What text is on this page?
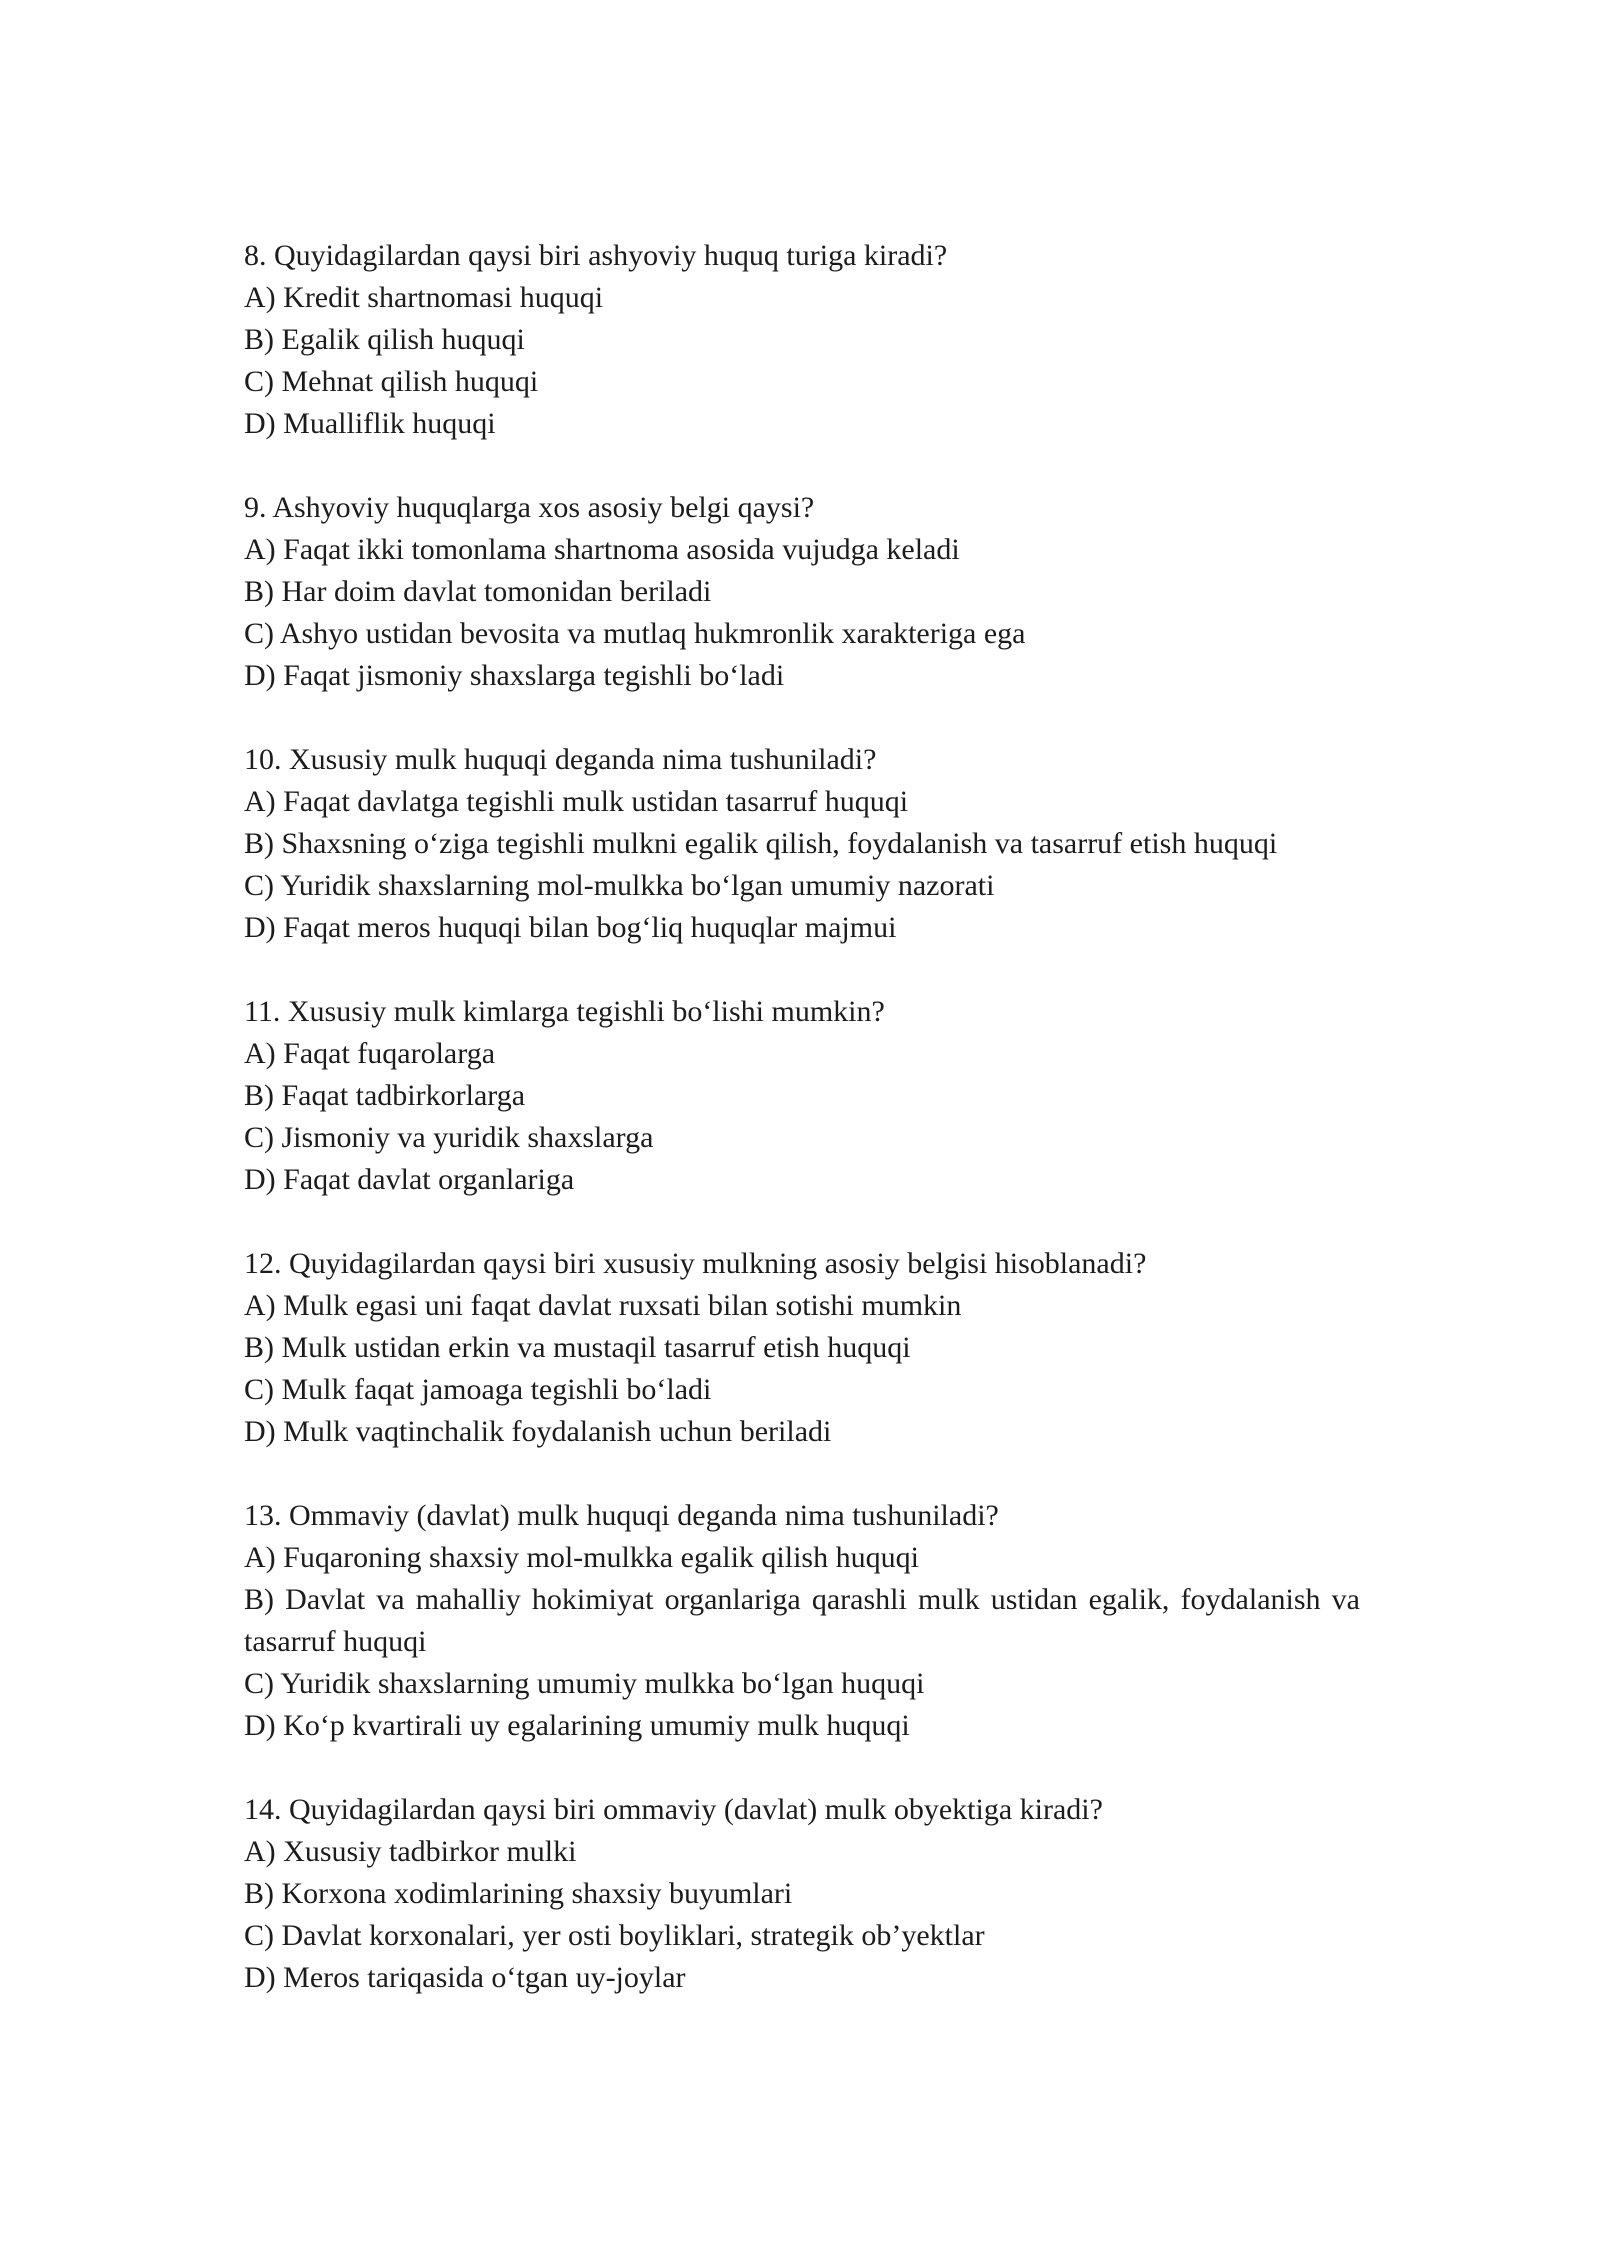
8. Quyidagilardan qaysi biri ashyoviy huquq turiga kiradi?

A) Kredit shartnomasi huquqi

B) Egalik qilish huquqi

C) Mehnat qilish huquqi

D) Mualliflik huquqi

9. Ashyoviy huquqlarga xos asosiy belgi qaysi?

A) Faqat ikki tomonlama shartnoma asosida vujudga keladi

B) Har doim davlat tomonidan beriladi

C) Ashyo ustidan bevosita va mutlaq hukmronlik xarakteriga ega

D) Faqat jismoniy shaxslarga tegishli boʻladi

10. Xususiy mulk huquqi deganda nima tushuniladi?

A) Faqat davlatga tegishli mulk ustidan tasarruf huquqi

B) Shaxsning oʻziga tegishli mulkni egalik qilish, foydalanish va tasarruf etish huquqi

C) Yuridik shaxslarning mol-mulkka boʻlgan umumiy nazorati

D) Faqat meros huquqi bilan bogʻliq huquqlar majmui

11. Xususiy mulk kimlarga tegishli boʻlishi mumkin?

A) Faqat fuqarolarga

B) Faqat tadbirkorlarga

C) Jismoniy va yuridik shaxslarga

D) Faqat davlat organlariga

12. Quyidagilardan qaysi biri xususiy mulkning asosiy belgisi hisoblanadi?

A) Mulk egasi uni faqat davlat ruxsati bilan sotishi mumkin

B) Mulk ustidan erkin va mustaqil tasarruf etish huquqi

C) Mulk faqat jamoaga tegishli boʻladi

D) Mulk vaqtinchalik foydalanish uchun beriladi

13. Ommaviy (davlat) mulk huquqi deganda nima tushuniladi?

A) Fuqaroning shaxsiy mol-mulkka egalik qilish huquqi

B) Davlat va mahalliy hokimiyat organlariga qarashli mulk ustidan egalik, foydalanish va tasarruf huquqi

C) Yuridik shaxslarning umumiy mulkka boʻlgan huquqi

D) Koʻp kvartirali uy egalarining umumiy mulk huquqi

14. Quyidagilardan qaysi biri ommaviy (davlat) mulk obyektiga kiradi?

A) Xususiy tadbirkor mulki

B) Korxona xodimlarining shaxsiy buyumlari

C) Davlat korxonalari, yer osti boyliklari, strategik ob’yektlar

D) Meros tariqasida oʻtgan uy-joylar
